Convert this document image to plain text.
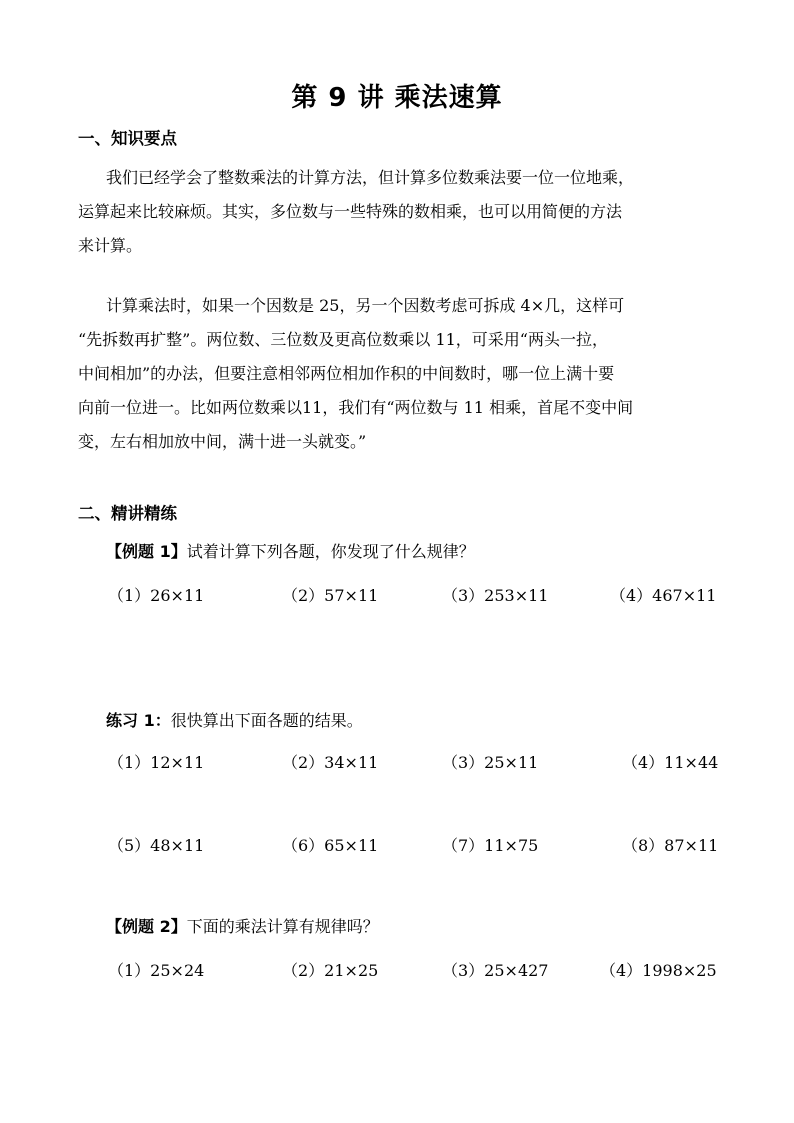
第 9 讲 乘法速算
一、知识要点
我们已经学会了整数乘法的计算方法，但计算多位数乘法要一位一位地乘，
运算起来比较麻烦。其实，多位数与一些特殊的数相乘，也可以用简便的方法
来计算。
计算乘法时，如果一个因数是 25，另一个因数考虑可拆成 4×几，这样可
“先拆数再扩整”。两位数、三位数及更高位数乘以 11，可采用“两头一拉，
中间相加”的办法，但要注意相邻两位相加作积的中间数时，哪一位上满十要
向前一位进一。比如两位数乘以11，我们有“两位数与 11 相乘，首尾不变中间
变，左右相加放中间，满十进一头就变。”
二、精讲精练
【例题 1】试着计算下列各题，你发现了什么规律？
（1）26×11	（2）57×11	（3）253×11	（4）467×11
练习 1：很快算出下面各题的结果。
（1）12×11	（2）34×11	（3）25×11	（4）11×44
（5）48×11	（6）65×11	（7）11×75	（8）87×11
【例题 2】下面的乘法计算有规律吗？
（1）25×24	（2）21×25	（3）25×427	（4）1998×25
